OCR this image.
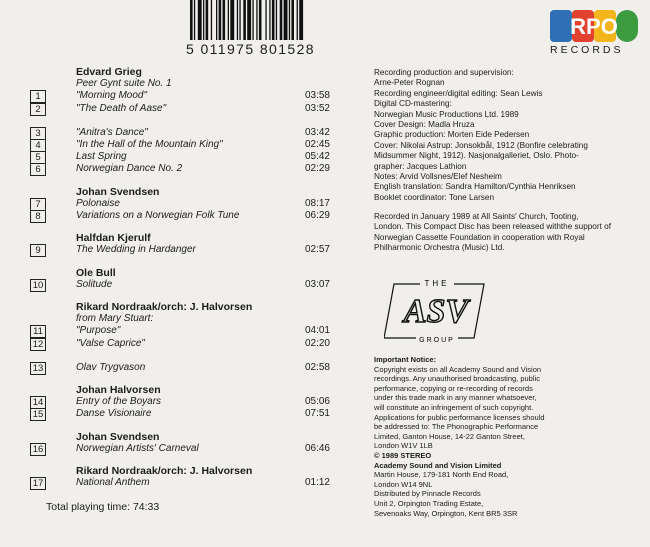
5 011975 801528
RPO
RECORDS
Edvard Grieg
Peer Gynt suite No. 1
1	"Morning Mood"	03:58
2	"The Death of Aase"	03:52
3	"Anitra's Dance"	03:42
4	"In the Hall of the Mountain King"	02:45
5	Last Spring	05:42
6	Norwegian Dance No. 2	02:29
Johan Svendsen
7	Polonaise	08:17
8	Variations on a Norwegian Folk Tune	06:29
Halfdan Kjerulf
9	The Wedding in Hardanger	02:57
Ole Bull
10	Solitude	03:07
Rikard Nordraak/orch: J. Halvorsen
from Mary Stuart:
11	"Purpose"	04:01
12	"Valse Caprice"	02:20
13	Olav Trygvason	02:58
Johan Halvorsen
14	Entry of the Boyars	05:06
15	Danse Visionaire	07:51
Johan Svendsen
16	Norwegian Artists' Carneval	06:46
Rikard Nordraak/orch: J. Halvorsen
17	National Anthem	01:12
Total playing time: 74:33
Recording production and supervision:
Arne-Peter Rognan
Recording engineer/digital editing: Sean Lewis
Digital CD-mastering:
Norwegian Music Productions Ltd. 1989
Cover Design: Madla Hruza
Graphic production: Morten Eide Pedersen
Cover: Nikolai Astrup: Jonsokbål, 1912 (Bonfire celebrating
Midsummer Night, 1912). Nasjonalgalleriet, Oslo. Photo-
grapher: Jacques Lathion
Notes: Arvid Vollsnes/Elef Nesheim
English translation: Sandra Hamilton/Cynthia Henriksen
Booklet coordinator: Tone Larsen
Recorded in January 1989 at All Saints' Church, Tooting,
London. This Compact Disc has been released withthe support of
Norwegian Cassette Foundation in cooperation with Royal
Philharmonic Orchestra (Music) Ltd.
THE
ASV
GROUP
Important Notice:
Copyright exists on all Academy Sound and Vision
recordings. Any unauthorised broadcasting, public
performance, copying or re-recording of records
under this trade mark in any manner whatsoever,
will constitute an infringement of such copyright.
Applications for public performance licenses should
be addressed to: The Phonographic Performance
Limited, Ganton House, 14-22 Ganton Street,
London W1V 1LB
© 1989 STEREO
Academy Sound and Vision Limited
Martin House, 179-181 North End Road,
London W14 9NL
Distributed by Pinnacle Records
Unit 2, Orpington Trading Estate,
Sevenoaks Way, Orpington, Kent BR5 3SR
